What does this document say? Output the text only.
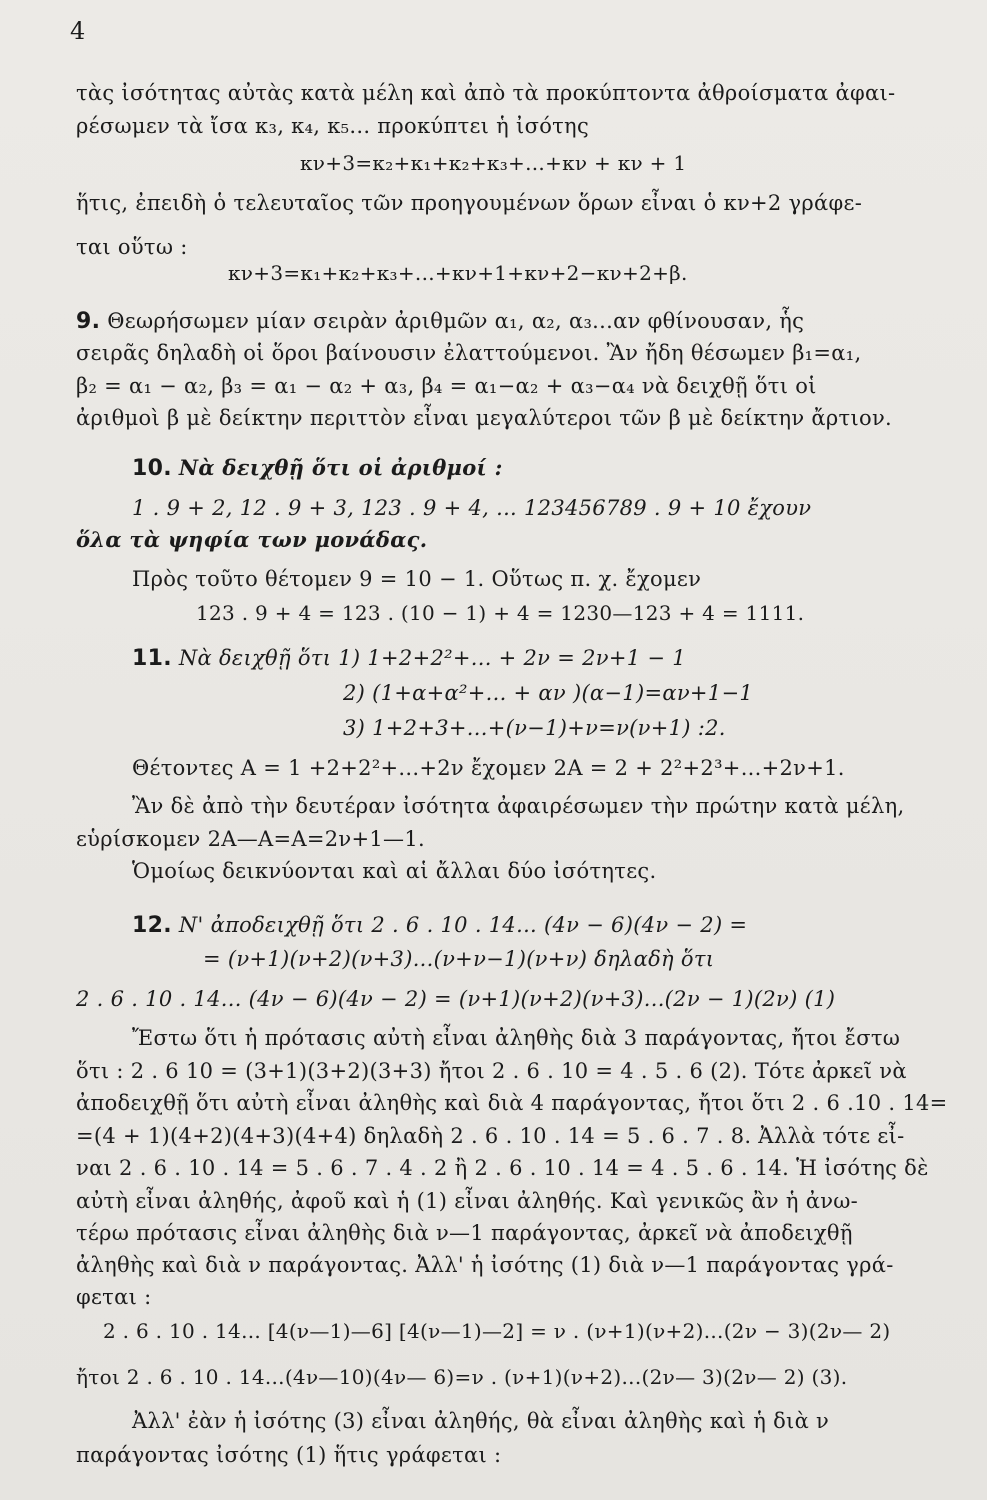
4
τὰς ἰσότητας αὐτὰς κατὰ μέλη καὶ ἀπὸ τὰ προκύπτοντα ἀθροίσματα ἀφαι-
ρέσωμεν τὰ ἴσα κ₃, κ₄, κ₅... προκύπτει ἡ ἰσότης
κν+3=κ₂+κ₁+κ₂+κ₃+...+κν + κν + 1
ἥτις, ἐπειδὴ ὁ τελευταῖος τῶν προηγουμένων ὅρων εἶναι ὁ κν+2 γράφε-
ται οὕτω :
κν+3=κ₁+κ₂+κ₃+...+κν+1+κν+2−κν+2+β.
9. Θεωρήσωμεν μίαν σειρὰν ἀριθμῶν α₁, α₂, α₃...αν φθίνουσαν, ἧς
σειρᾶς δηλαδὴ οἱ ὅροι βαίνουσιν ἐλαττούμενοι. Ἂν ἤδη θέσωμεν β₁=α₁,
β₂ = α₁ − α₂, β₃ = α₁ − α₂ + α₃, β₄ = α₁−α₂ + α₃−α₄ νὰ δειχθῇ ὅτι οἱ
ἀριθμοὶ β μὲ δείκτην περιττὸν εἶναι μεγαλύτεροι τῶν β μὲ δείκτην ἄρτιον.
10. Νὰ δειχθῇ ὅτι οἱ ἀριθμοί :
1 . 9 + 2, 12 . 9 + 3, 123 . 9 + 4, ... 123456789 . 9 + 10 ἔχουν
ὅλα τὰ ψηφία των μονάδας.
Πρὸς τοῦτο θέτομεν 9 = 10 − 1. Οὕτως π. χ. ἔχομεν
123 . 9 + 4 = 123 . (10 − 1) + 4 = 1230—123 + 4 = 1111.
11. Νὰ δειχθῇ ὅτι 1) 1+2+2²+... + 2ν = 2ν+1 − 1
2) (1+α+α²+... + αν )(α−1)=αν+1−1
3) 1+2+3+...+(ν−1)+ν=ν(ν+1) :2.
Θέτοντες Α = 1 +2+2²+...+2ν ἔχομεν 2Α = 2 + 2²+2³+...+2ν+1.
Ἂν δὲ ἀπὸ τὴν δευτέραν ἰσότητα ἀφαιρέσωμεν τὴν πρώτην κατὰ μέλη,
εὑρίσκομεν 2Α—Α=Α=2ν+1—1.
Ὁμοίως δεικνύονται καὶ αἱ ἄλλαι δύο ἰσότητες.
12. Ν' ἀποδειχθῇ ὅτι 2 . 6 . 10 . 14... (4ν − 6)(4ν − 2) =
= (ν+1)(ν+2)(ν+3)...(ν+ν−1)(ν+ν) δηλαδὴ ὅτι
2 . 6 . 10 . 14... (4ν − 6)(4ν − 2) = (ν+1)(ν+2)(ν+3)...(2ν − 1)(2ν) (1)
Ἔστω ὅτι ἡ πρότασις αὐτὴ εἶναι ἀληθὴς διὰ 3 παράγοντας, ἤτοι ἔστω
ὅτι : 2 . 6 10 = (3+1)(3+2)(3+3) ἤτοι 2 . 6 . 10 = 4 . 5 . 6 (2). Τότε ἀρκεῖ νὰ
ἀποδειχθῇ ὅτι αὐτὴ εἶναι ἀληθὴς καὶ διὰ 4 παράγοντας, ἤτοι ὅτι 2 . 6 .10 . 14=
=(4 + 1)(4+2)(4+3)(4+4) δηλαδὴ 2 . 6 . 10 . 14 = 5 . 6 . 7 . 8. Ἀλλὰ τότε εἶ-
ναι 2 . 6 . 10 . 14 = 5 . 6 . 7 . 4 . 2 ἢ 2 . 6 . 10 . 14 = 4 . 5 . 6 . 14. Ἡ ἰσότης δὲ
αὐτὴ εἶναι ἀληθής, ἀφοῦ καὶ ἡ (1) εἶναι ἀληθής. Καὶ γενικῶς ἂν ἡ ἀνω-
τέρω πρότασις εἶναι ἀληθὴς διὰ ν—1 παράγοντας, ἀρκεῖ νὰ ἀποδειχθῇ
ἀληθὴς καὶ διὰ ν παράγοντας. Ἀλλ' ἡ ἰσότης (1) διὰ ν—1 παράγοντας γρά-
φεται :
2 . 6 . 10 . 14... [4(ν—1)—6] [4(ν—1)—2] = ν . (ν+1)(ν+2)...(2ν − 3)(2ν— 2)
ἤτοι 2 . 6 . 10 . 14...(4ν—10)(4ν— 6)=ν . (ν+1)(ν+2)...(2ν— 3)(2ν— 2) (3).
Ἀλλ' ἐὰν ἡ ἰσότης (3) εἶναι ἀληθής, θὰ εἶναι ἀληθὴς καὶ ἡ διὰ ν
παράγοντας ἰσότης (1) ἥτις γράφεται :
